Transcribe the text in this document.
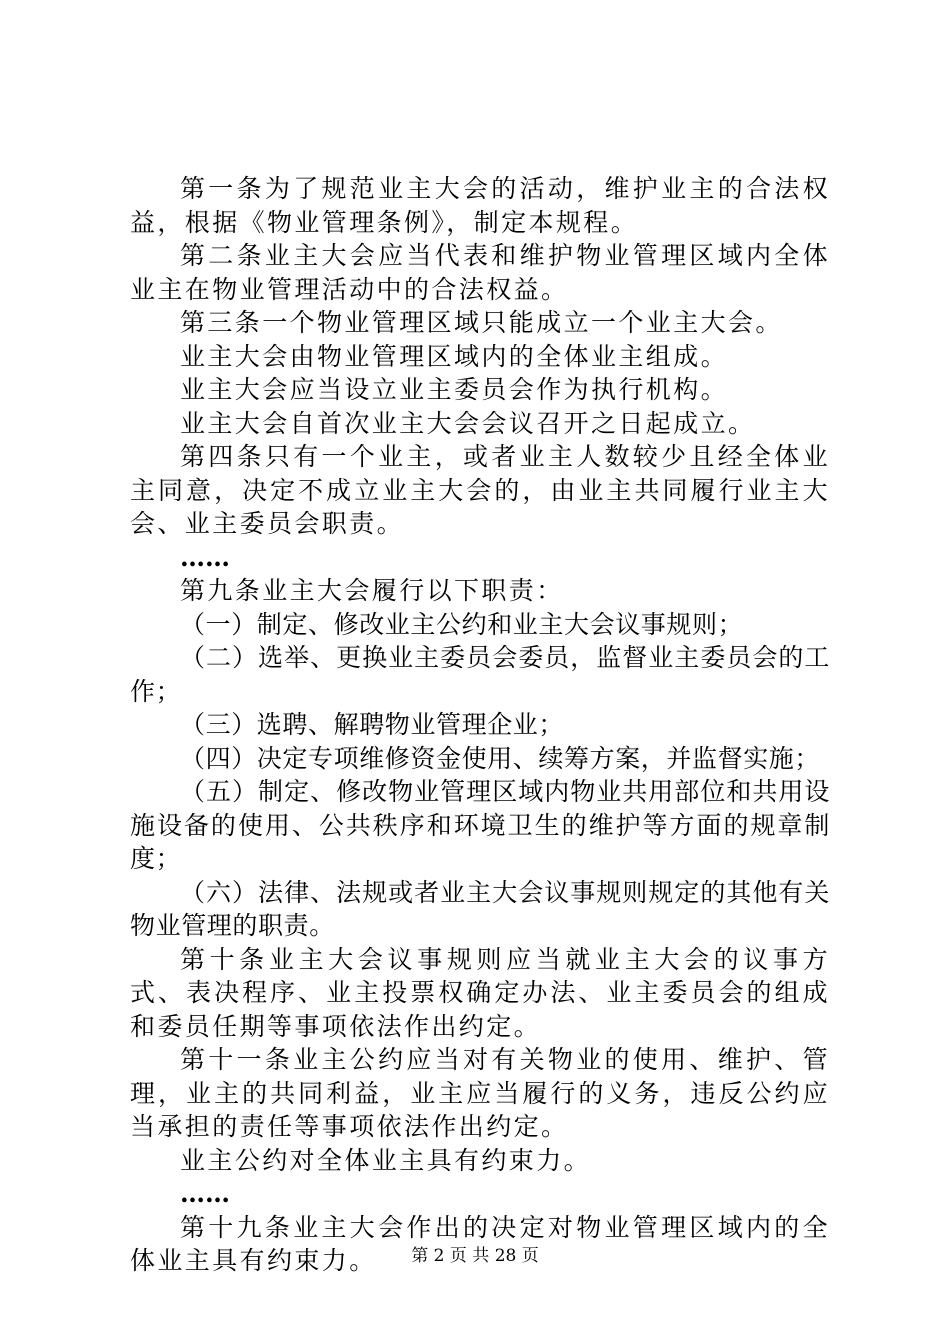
第一条为了规范业主大会的活动，维护业主的合法权益，根据《物业管理条例》，制定本规程。

第二条业主大会应当代表和维护物业管理区域内全体业主在物业管理活动中的合法权益。

第三条一个物业管理区域只能成立一个业主大会。

业主大会由物业管理区域内的全体业主组成。

业主大会应当设立业主委员会作为执行机构。

业主大会自首次业主大会会议召开之日起成立。

第四条只有一个业主，或者业主人数较少且经全体业主同意，决定不成立业主大会的，由业主共同履行业主大会、业主委员会职责。

……

第九条业主大会履行以下职责：

（一）制定、修改业主公约和业主大会议事规则；

（二）选举、更换业主委员会委员，监督业主委员会的工作；

（三）选聘、解聘物业管理企业；

（四）决定专项维修资金使用、续筹方案，并监督实施；

（五）制定、修改物业管理区域内物业共用部位和共用设施设备的使用、公共秩序和环境卫生的维护等方面的规章制度；

（六）法律、法规或者业主大会议事规则规定的其他有关物业管理的职责。

第十条业主大会议事规则应当就业主大会的议事方式、表决程序、业主投票权确定办法、业主委员会的组成和委员任期等事项依法作出约定。

第十一条业主公约应当对有关物业的使用、维护、管理，业主的共同利益，业主应当履行的义务，违反公约应当承担的责任等事项依法作出约定。

业主公约对全体业主具有约束力。

……

第十九条业主大会作出的决定对物业管理区域内的全体业主具有约束力。	第 2 页 共 28 页
